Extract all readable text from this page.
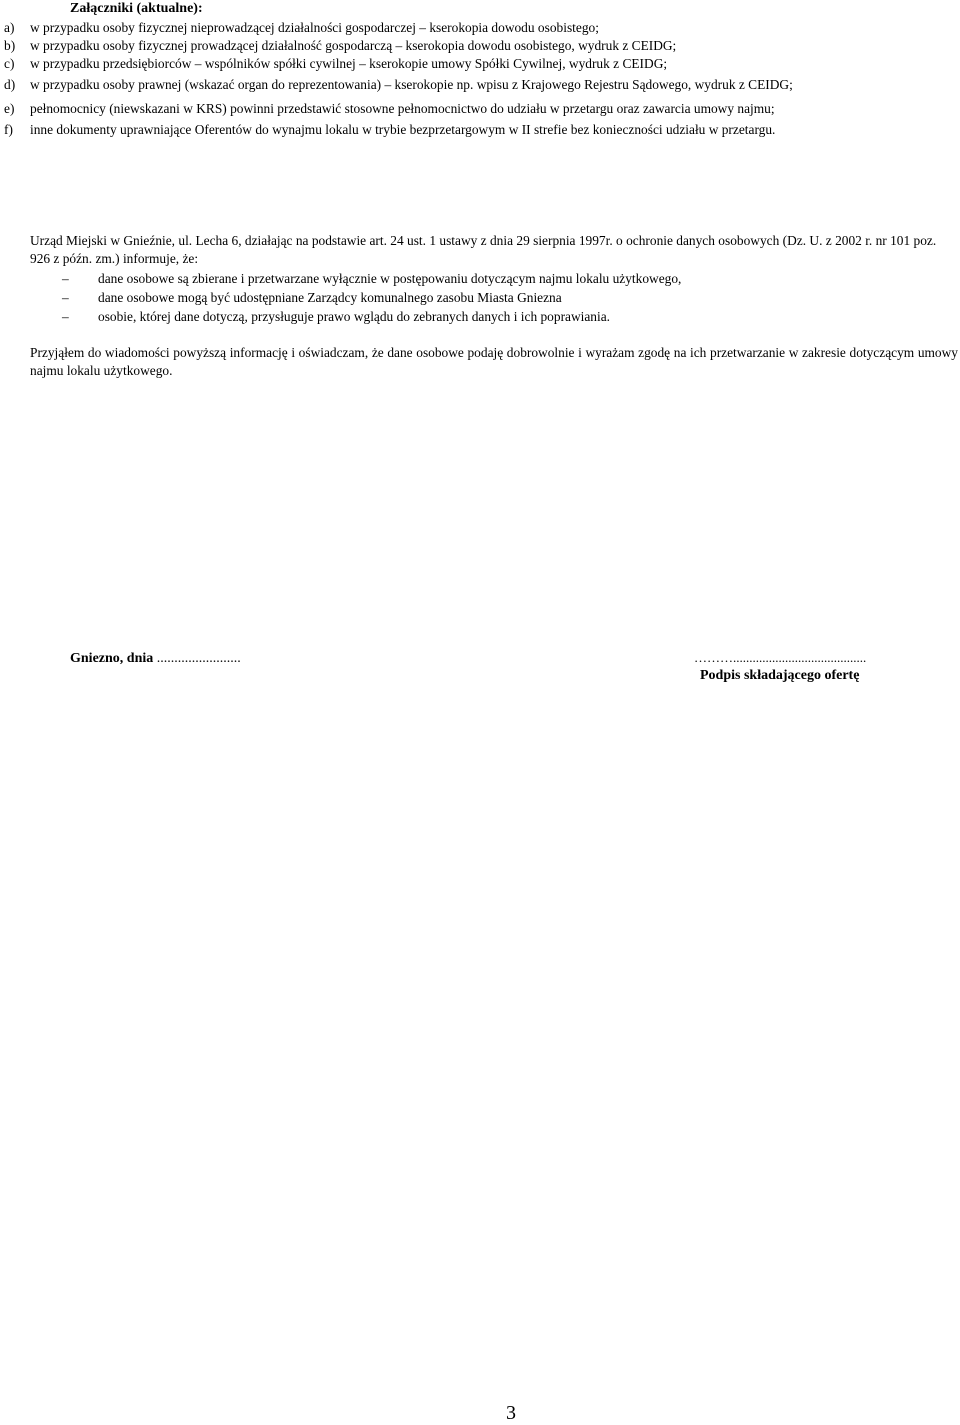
Załączniki (aktualne):
a) w przypadku osoby fizycznej nieprowadzącej działalności gospodarczej – kserokopia dowodu osobistego;
b) w przypadku osoby fizycznej prowadzącej działalność gospodarczą – kserokopia dowodu osobistego, wydruk z CEIDG;
c) w przypadku przedsiębiorców – wspólników spółki cywilnej – kserokopie umowy Spółki Cywilnej, wydruk z CEIDG;
d) w przypadku osoby prawnej (wskazać organ do reprezentowania) – kserokopie np. wpisu z Krajowego Rejestru Sądowego, wydruk z CEIDG;
e) pełnomocnicy (niewskazani w KRS) powinni przedstawić stosowne pełnomocnictwo do udziału w przetargu oraz zawarcia umowy najmu;
f) inne dokumenty uprawniające Oferentów do wynajmu lokalu w trybie bezprzetargowym w II strefie bez konieczności udziału w przetargu.
Urząd Miejski w Gnieźnie, ul. Lecha 6, działając na podstawie art. 24 ust. 1 ustawy z dnia 29 sierpnia 1997r. o ochronie danych osobowych (Dz. U. z 2002 r. nr 101 poz. 926 z późn. zm.) informuje, że:
– dane osobowe są zbierane i przetwarzane wyłącznie w postępowaniu dotyczącym najmu lokalu użytkowego,
– dane osobowe mogą być udostępniane Zarządcy komunalnego zasobu Miasta Gniezna
– osobie, której dane dotyczą, przysługuje prawo wglądu do zebranych danych i ich poprawiania.
Przyjąłem do wiadomości powyższą informację i oświadczam, że dane osobowe podaję dobrowolnie i wyrażam zgodę na ich przetwarzanie w zakresie dotyczącym umowy najmu lokalu użytkowego.
Gniezno, dnia ........................	……….........................................
Podpis składającego ofertę
3
